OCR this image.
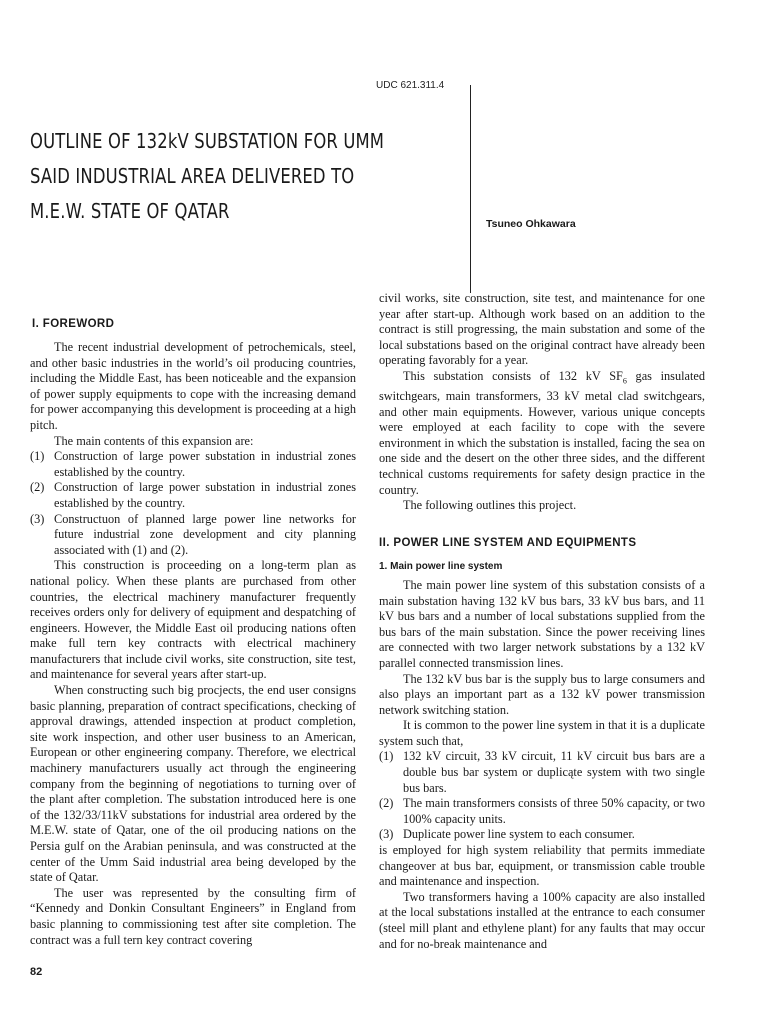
UDC 621.311.4
OUTLINE OF 132kV SUBSTATION FOR UMM
SAID INDUSTRIAL AREA DELIVERED TO
M.E.W. STATE OF QATAR
Tsuneo Ohkawara
I. FOREWORD

The recent industrial development of petrochemicals, steel, and other basic industries in the world’s oil producing countries, including the Middle East, has been noticeable and the expansion of power supply equipments to cope with the increasing demand for power accompanying this development is proceeding at a high pitch.

The main contents of this expansion are:

(1) Construction of large power substation in industrial zones established by the country.
(2) Construction of large power substation in industrial zones established by the country.
(3) Constructuon of planned large power line networks for future industrial zone development and city planning associated with (1) and (2).

This construction is proceeding on a long-term plan as national policy. When these plants are purchased from other countries, the electrical machinery manufacturer frequently receives orders only for delivery of equipment and despatching of engineers. However, the Middle East oil producing nations often make full tern key contracts with electrical machinery manufacturers that include civil works, site construction, site test, and maintenance for several years after start-up.

When constructing such big procjects, the end user consigns basic planning, preparation of contract specifications, checking of approval drawings, attended inspection at product completion, site work inspection, and other user business to an American, European or other engineering company. Therefore, we electrical machinery manufacturers usually act through the engineering company from the beginning of negotiations to turning over of the plant after completion. The substation introduced here is one of the 132/33/11kV substations for industrial area ordered by the M.E.W. state of Qatar, one of the oil producing nations on the Persia gulf on the Arabian peninsula, and was constructed at the center of the Umm Said industrial area being developed by the state of Qatar.

The user was represented by the consulting firm of “Kennedy and Donkin Consultant Engineers” in England from basic planning to commissioning test after site completion. The contract was a full tern key contract covering

civil works, site construction, site test, and maintenance for one year after start-up. Although work based on an addition to the contract is still progressing, the main substation and some of the local substations based on the original contract have already been operating favorably for a year.

This substation consists of 132 kV $SF_6$ gas insulated switchgears, main transformers, 33 kV metal clad switchgears, and other main equipments. However, various unique concepts were employed at each facility to cope with the severe environment in which the substation is installed, facing the sea on one side and the desert on the other three sides, and the different technical customs requirements for safety design practice in the country.

The following outlines this project.

II. POWER LINE SYSTEM AND EQUIPMENTS
1. Main power line system

The main power line system of this substation consists of a main substation having 132 kV bus bars, 33 kV bus bars, and 11 kV bus bars and a number of local substations supplied from the bus bars of the main substation. Since the power receiving lines are connected with two larger network substations by a 132 kV parallel connected transmission lines.

The 132 kV bus bar is the supply bus to large consumers and also plays an important part as a 132 kV power transmission network switching station.

It is common to the power line system in that it is a duplicate system such that,

(1) 132 kV circuit, 33 kV circuit, 11 kV circuit bus bars are a double bus bar system or duplicąte system with two single bus bars.
(2) The main transformers consists of three 50% capacity, or two 100% capacity units.
(3) Duplicate power line system to each consumer.

is employed for high system reliability that permits immediate changeover at bus bar, equipment, or transmission cable trouble and maintenance and inspection.

Two transformers having a 100% capacity are also installed at the local substations installed at the entrance to each consumer (steel mill plant and ethylene plant) for any faults that may occur and for no-break maintenance and

82
